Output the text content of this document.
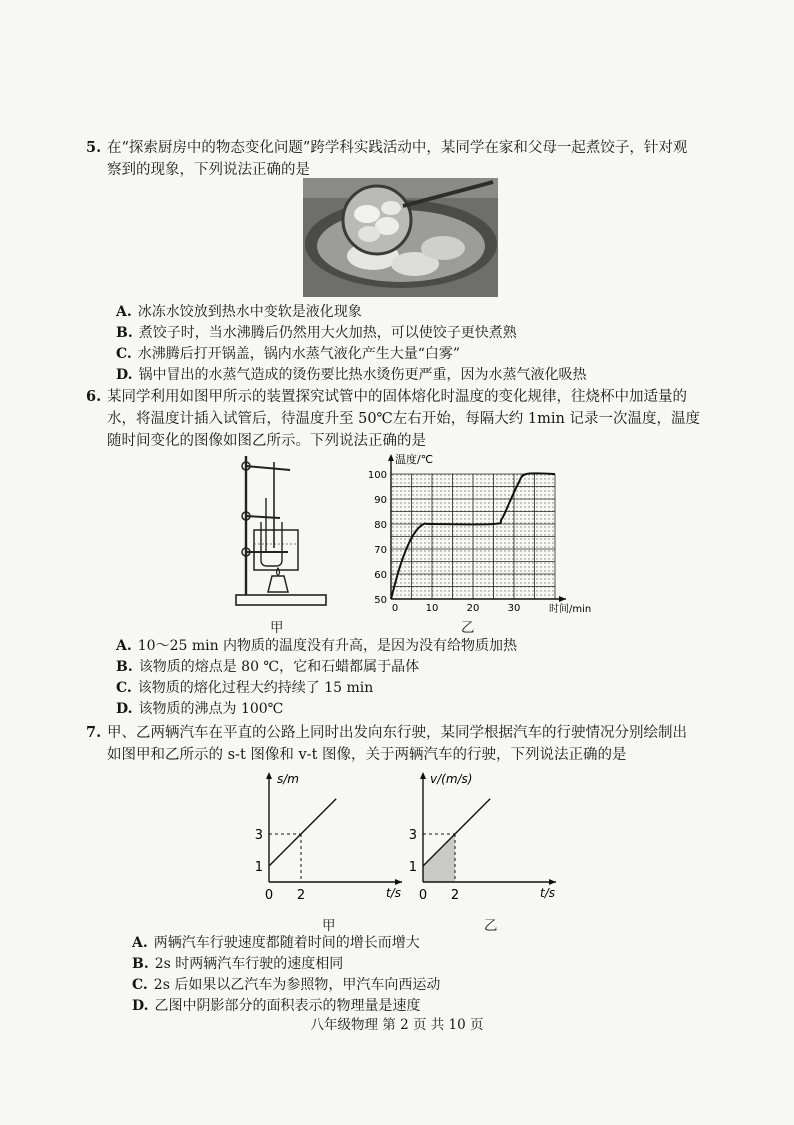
5. 在“探索厨房中的物态变化问题”跨学科实践活动中，某同学在家和父母一起煮饺子，针对观
察到的现象，下列说法正确的是
A. 冰冻水饺放到热水中变软是液化现象
B. 煮饺子时，当水沸腾后仍然用大火加热，可以使饺子更快煮熟
C. 水沸腾后打开锅盖，锅内水蒸气液化产生大量“白雾”
D. 锅中冒出的水蒸气造成的烫伤要比热水烫伤更严重，因为水蒸气液化吸热
6. 某同学利用如图甲所示的装置探究试管中的固体熔化时温度的变化规律，往烧杯中加适量的
水，将温度计插入试管后，待温度升至 50℃左右开始，每隔大约 1min 记录一次温度，温度
随时间变化的图像如图乙所示。下列说法正确的是
甲
温度/℃
时间/min
50
60
70
80
90
100
0	10	20	30
乙
A. 10～25 min 内物质的温度没有升高，是因为没有给物质加热
B. 该物质的熔点是 80 ℃，它和石蜡都属于晶体
C. 该物质的熔化过程大约持续了 15 min
D. 该物质的沸点为 100℃
7. 甲、乙两辆汽车在平直的公路上同时出发向东行驶，某同学根据汽车的行驶情况分别绘制出
如图甲和乙所示的 s-t 图像和 v-t 图像，关于两辆汽车的行驶，下列说法正确的是
s/m
t/s
1
3
0 2
甲
v/(m/s)
t/s
1
3
0 2
乙
A. 两辆汽车行驶速度都随着时间的增长而增大
B. 2s 时两辆汽车行驶的速度相同
C. 2s 后如果以乙汽车为参照物，甲汽车向西运动
D. 乙图中阴影部分的面积表示的物理量是速度
八年级物理 第 2 页 共 10 页
